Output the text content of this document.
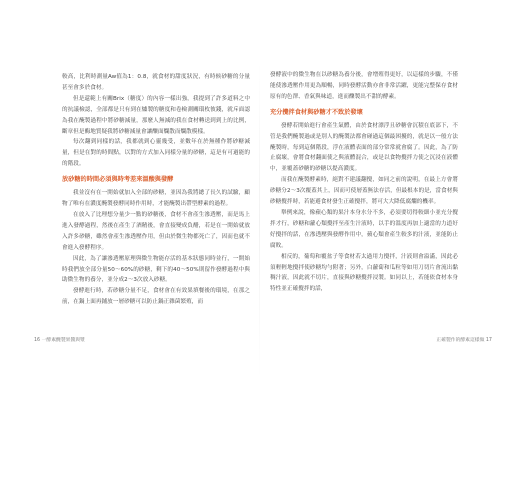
較高，比利時測量Aw值為1：0.8，就食材的甜度狀況，有時候砂糖的分量甚至會多於食材。

但是還範上有關Brix（糖度）的內容一樣出強，我提到了許多道料之中的抗議檢認，全部都是只有到在爐製的糖度和卷檢測關環枚彼錢，就斥面認為我在醃製過程中將砂糖減量，那麼人無減的我在食材轉送到到上的比例，斷章但是酶地質疑我將砂糖減量會讓釀面爛散而爛散模樣。

每次翻到同樣的話，我都就到心靈幾受，並數年在於無種作將砂糖減量，但是在對的時間點，以對的方式加入同樣分量的砂糖，這是有可過能的的階段。

放砂糖的時間必須與時考差來溫酸與發酵

我並沒有在一開始就加入全部的砂糖，並因為我將總了長久的試驗，顧物了唯有在濃度醃製發酵同時作用時，才能醃製出帶型酵素的過程。

在放入了比理想分量少一點的砂糖後，食材不會產生滲透壓，而是馬上進入發酵過程，然後在產生了酒精後，會直接變成負醋，若是在一開始就放入許多砂糖，雖然會產生滲透壓作用，但由於微生物都死亡了，因而也就不會進入發酵程序。

因此，為了讓滲透壓原理與微生物能存活的基本狀態同時並行，一開始時我們放全部分量50〜60%的砂糖，剩下的40〜50%則留作發酵過程中與助微生物的養分，並分成2〜3次放入砂糖。

發酵進行時，若砂糖分量不足，食材會在有效果填餐後的環境，在那之前，在鍋上面再鋪放一層砂糖可以防止鍋正雜菌繁殖，而

16 一酵素醃製果醬與漿

發酵液中的微生物在以砂糖為養分後，會增殖得更好，以這樣的步驟，不僅能使滲透壓作用更為順暢，同時發酵活動亦會非常活躍，更能完整保存食材原有的色澤、香氣與味道，進而釀製出不甜的酵素。

充分攪拌食材與砂糖才不致於發壞

發酵若開始進行會產生氣體，由於食材漂浮且砂糖會沉積在底部下，不管是我們醃製過或是別人的醃製法都會碰過這個最困擾的，就是以一般方法醃製時，每到這個階段，浮在液體表面的部分常常就會腐了。因此，為了防止腐壞，會將食材翻面使之與液體混合，或是以食物攪拌力使之沉浸在液體中，並覆蓋砂糖的砂糖以提高濃度。

而我在醃製酵素時，絕對不建議翻攪，如同之前的說明，在最上方會將砂糖分2〜3次覆蓋其上，因而可使層蓋無法存活，但最根本的是，當食材與砂糖攪拌時，若能避食材發生正確攪拌，將可大大降低腐爛的機率。

舉例來說，像蘋心類的果汁本身水分不多，必須要切得較細小並充分攪拌才行，砂糖和蘿心類攪拌至產生汁液時，以手的溫度再加上適當的力道好好攪拌的話，在滲透壓與發酵作用中，蘋心類會產生較多的汁液，並能防止腐敗。

相反的，葡萄和覆盆子等食材若太過用力攪拌，汁液則會溢滿，因此必須輕輕地攪拌使砂糖均勻附著；另外，白蘿蔔和瓜粒等如用刀切片會流出黏稠汁液，因此就不切片，直接與砂糖攪拌浸製。如同以上，若能依食材本身特性並正確攪拌的話，

正確製作的酵素這樣做 17
